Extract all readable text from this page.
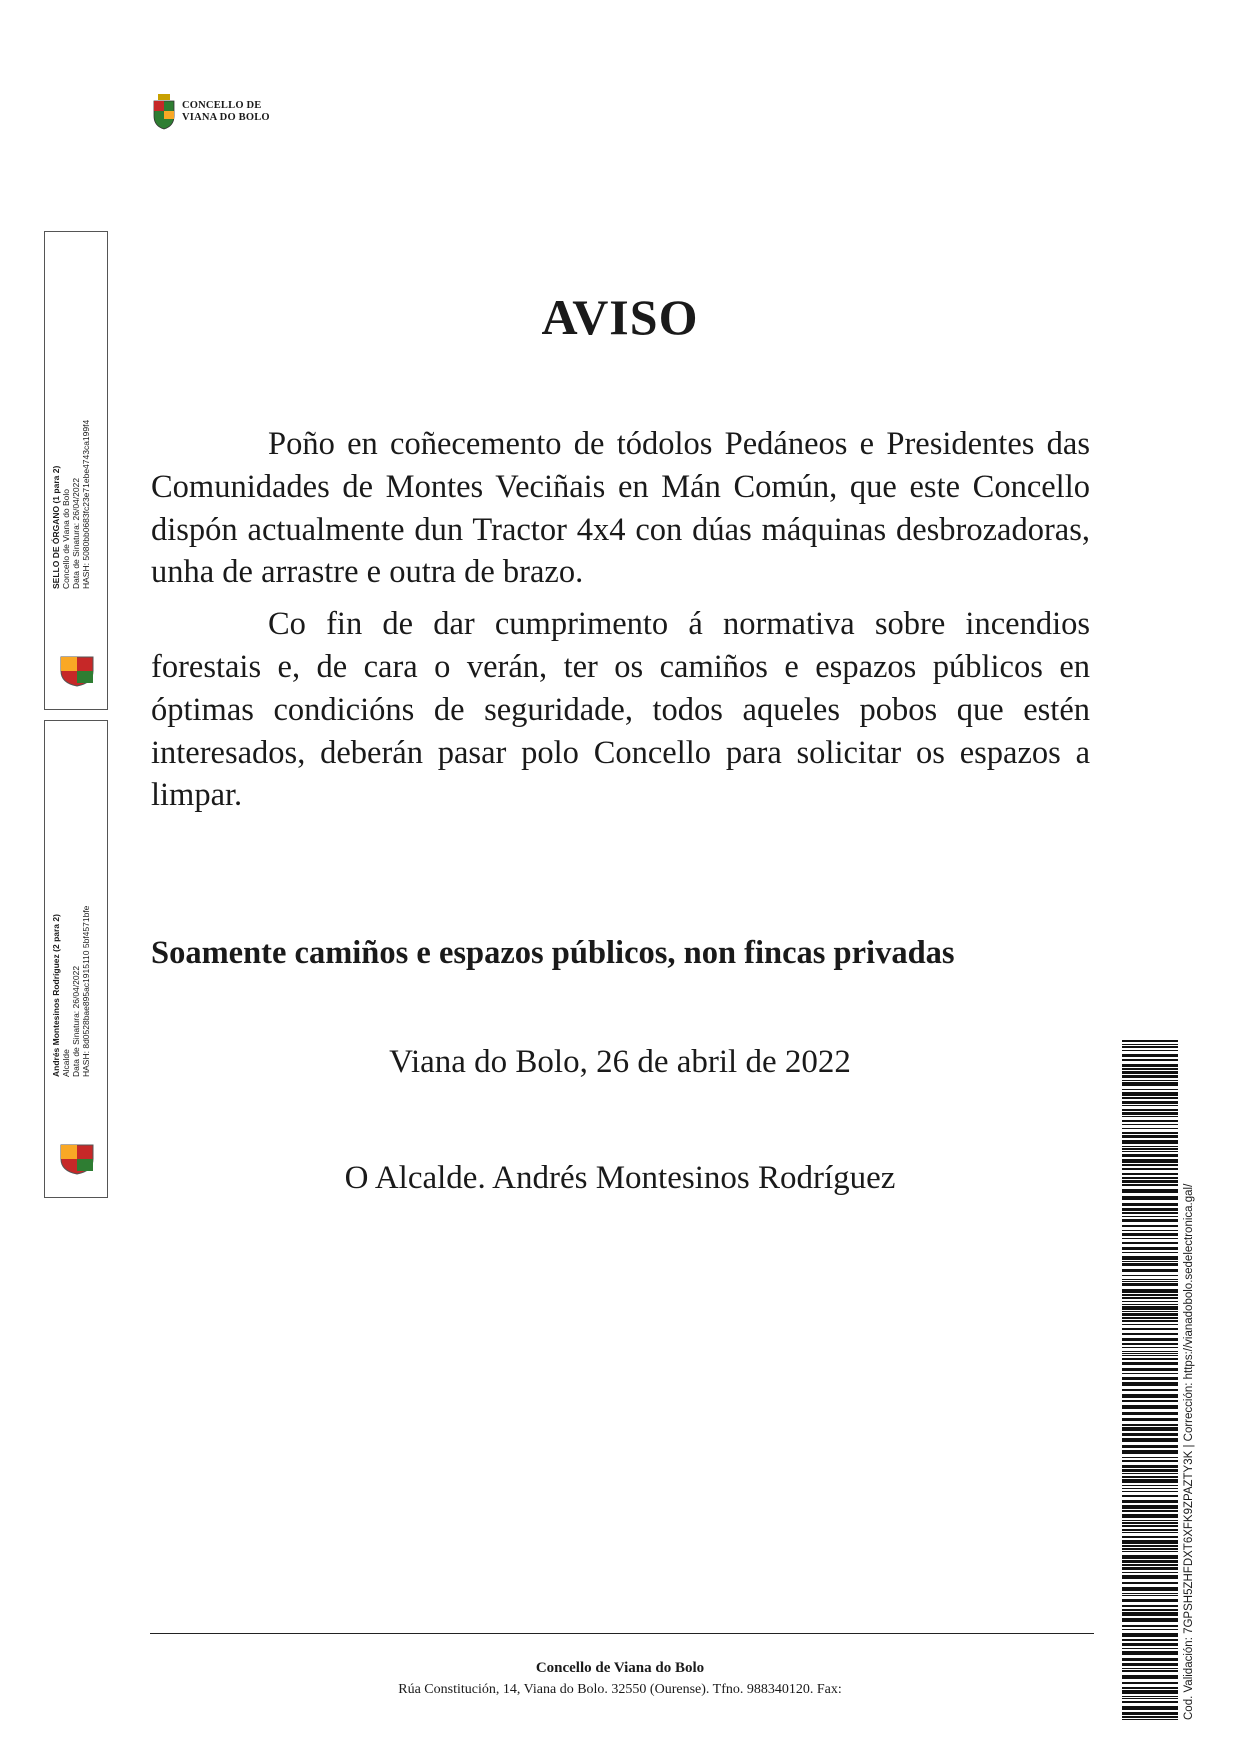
CONCELLO DE
VIANA DO BOLO
SELLO DE ÓRGANO (1 para 2) Concello de Viana do Bolo Data de Sinatura: 26/04/2022 HASH: 5080bb0683fc23e71ebe4743ca199f4
Andrés Montesinos Rodríguez (2 para 2) Alcalde Data de Sinatura: 26/04/2022 HASH: 8d0528bae895ac1915110 5bf4571bfe
AVISO

Poño en coñecemento de tódolos Pedáneos e Presidentes das Comunidades de Montes Veciñais en Mán Común, que este Concello dispón actualmente dun Tractor 4x4 con dúas máquinas desbrozadoras, unha de arrastre e outra de brazo.

Co fin de dar cumprimento á normativa sobre incendios forestais e, de cara o verán, ter os camiños e espazos públicos en óptimas condicións de seguridade, todos aqueles pobos que estén interesados, deberán pasar polo Concello para solicitar os espazos a limpar.

Soamente camiños e espazos públicos, non fincas privadas
Viana do Bolo, 26 de abril de 2022
O Alcalde. Andrés Montesinos Rodríguez
Concello de Viana do Bolo
Rúa Constitución, 14, Viana do Bolo. 32550 (Ourense). Tfno. 988340120. Fax:	Cod. Validación: 7GPSH5ZHFDXT6XFK9ZPAZTY3K | Corrección: https://vianadobolo.sedelectronica.gal/
